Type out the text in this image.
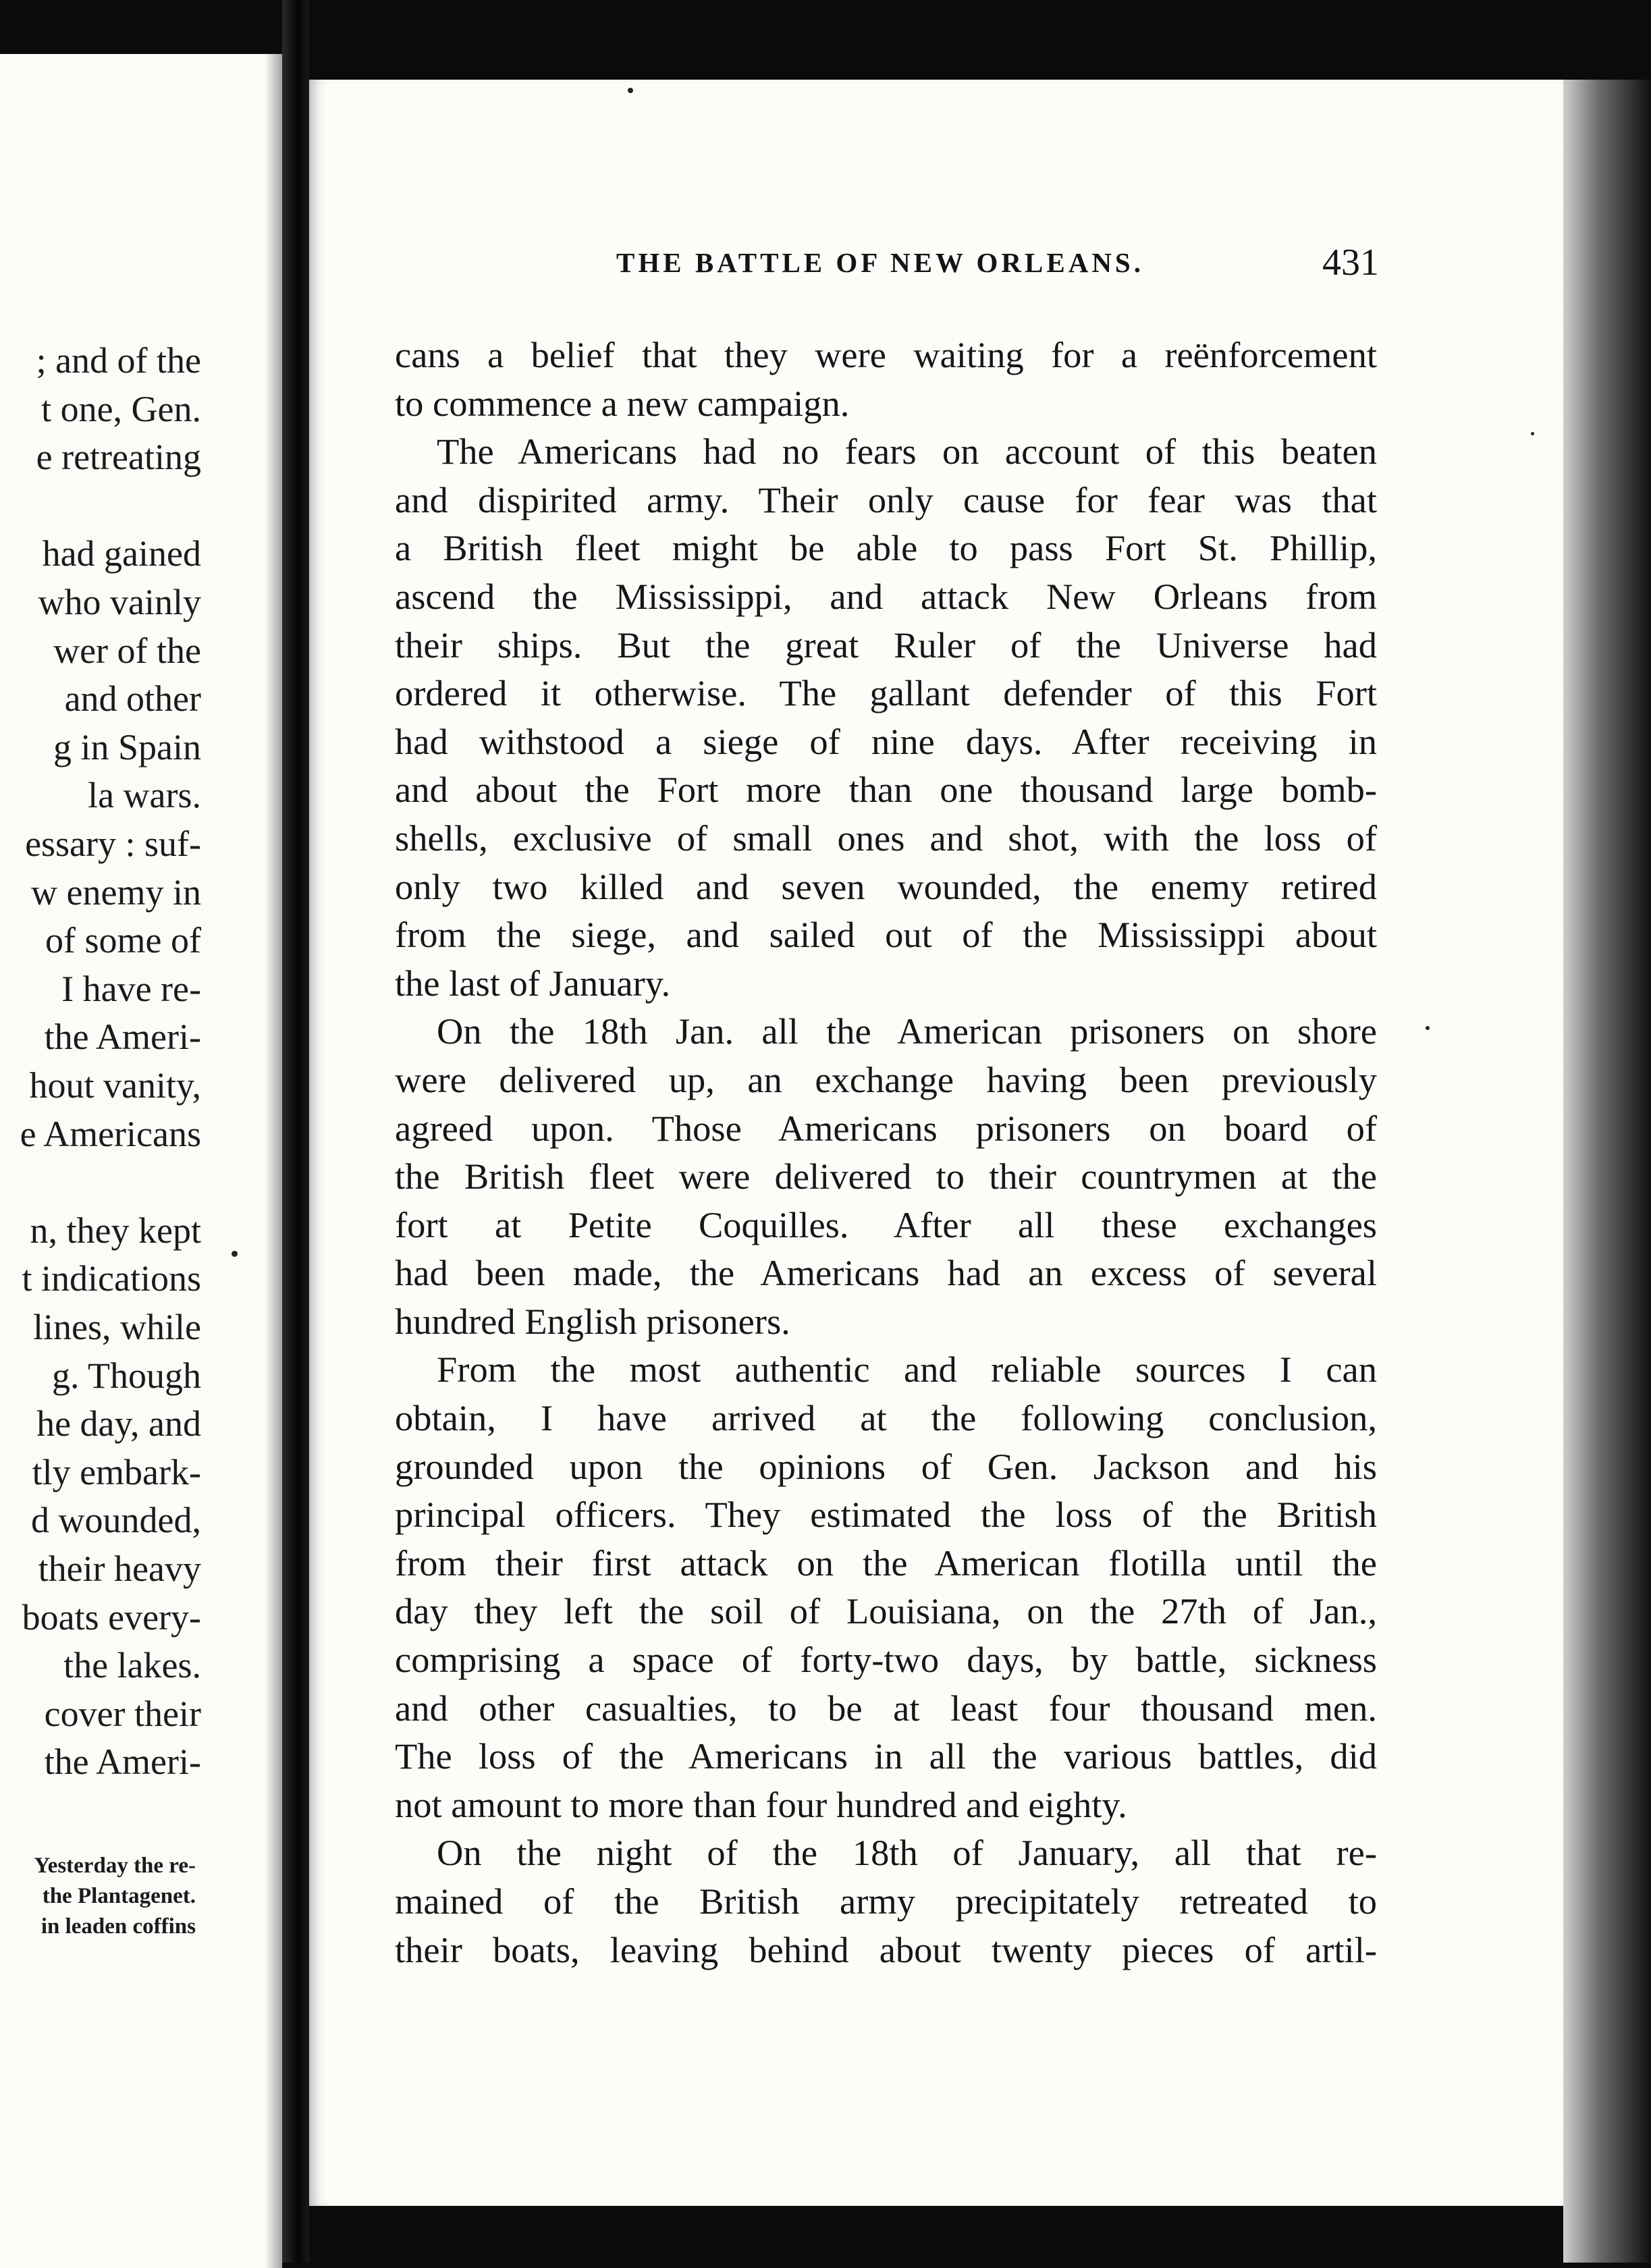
; and of the
t one, Gen.
e retreating
had gained
who vainly
wer of the
and other
g in Spain
la wars.
essary : suf-
w enemy in
of some of
I have re-
the Ameri-
hout vanity,
e Americans
n, they kept
t indications
lines, while
g. Though
he day, and
tly embark-
d wounded,
their heavy
boats every-
the lakes.
cover their
the Ameri-
Yesterday the re-
the Plantagenet.
in leaden coffins
THE BATTLE OF NEW ORLEANS.	431
cans a belief that they were waiting for a reënforcement
to commence a new campaign.
The Americans had no fears on account of this beaten
and dispirited army. Their only cause for fear was that
a British fleet might be able to pass Fort St. Phillip,
ascend the Mississippi, and attack New Orleans from
their ships. But the great Ruler of the Universe had
ordered it otherwise. The gallant defender of this Fort
had withstood a siege of nine days. After receiving in
and about the Fort more than one thousand large bomb-
shells, exclusive of small ones and shot, with the loss of
only two killed and seven wounded, the enemy retired
from the siege, and sailed out of the Mississippi about
the last of January.
On the 18th Jan. all the American prisoners on shore
were delivered up, an exchange having been previously
agreed upon. Those Americans prisoners on board of
the British fleet were delivered to their countrymen at the
fort at Petite Coquilles. After all these exchanges
had been made, the Americans had an excess of several
hundred English prisoners.
From the most authentic and reliable sources I can
obtain, I have arrived at the following conclusion,
grounded upon the opinions of Gen. Jackson and his
principal officers. They estimated the loss of the British
from their first attack on the American flotilla until the
day they left the soil of Louisiana, on the 27th of Jan.,
comprising a space of forty-two days, by battle, sickness
and other casualties, to be at least four thousand men.
The loss of the Americans in all the various battles, did
not amount to more than four hundred and eighty.
On the night of the 18th of January, all that re-
mained of the British army precipitately retreated to
their boats, leaving behind about twenty pieces of artil-
